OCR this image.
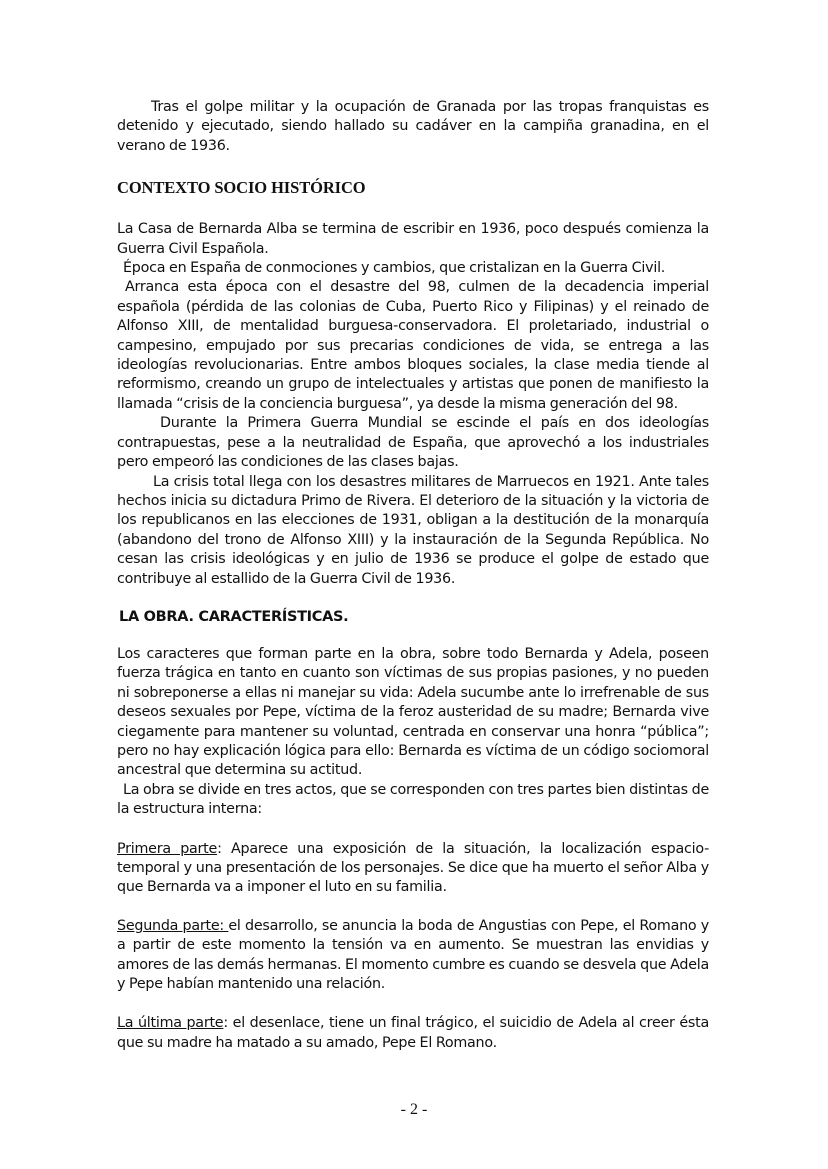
Tras el golpe militar y la ocupación de Granada por las tropas franquistas es detenido y ejecutado, siendo hallado su cadáver en la campiña granadina, en el verano de 1936.

CONTEXTO SOCIO HISTÓRICO

La Casa de Bernarda Alba se termina de escribir en 1936, poco después comienza la Guerra Civil Española.

Época en España de conmociones y cambios, que cristalizan en la Guerra Civil.

Arranca esta época con el desastre del 98, culmen de la decadencia imperial española (pérdida de las colonias de Cuba, Puerto Rico y Filipinas) y el reinado de Alfonso XIII, de mentalidad burguesa-conservadora. El proletariado, industrial o campesino, empujado por sus precarias condiciones de vida, se entrega a las ideologías revolucionarias. Entre ambos bloques sociales, la clase media tiende al reformismo, creando un grupo de intelectuales y artistas que ponen de manifiesto la llamada “crisis de la conciencia burguesa”, ya desde la misma generación del 98.

Durante la Primera Guerra Mundial se escinde el país en dos ideologías contrapuestas, pese a la neutralidad de España, que aprovechó a los industriales pero empeoró las condiciones de las clases bajas.

La crisis total llega con los desastres militares de Marruecos en 1921. Ante tales hechos inicia su dictadura Primo de Rivera. El deterioro de la situación y la victoria de los republicanos en las elecciones de 1931, obligan a la destitución de la monarquía (abandono del trono de Alfonso XIII) y la instauración de la Segunda República. No cesan las crisis ideológicas y en julio de 1936 se produce el golpe de estado que contribuye al estallido de la Guerra Civil de 1936.

LA OBRA. CARACTERÍSTICAS.

Los caracteres que forman parte en la obra, sobre todo Bernarda y Adela, poseen fuerza trágica en tanto en cuanto son víctimas de sus propias pasiones, y no pueden ni sobreponerse a ellas ni manejar su vida: Adela sucumbe ante lo irrefrenable de sus deseos sexuales por Pepe, víctima de la feroz austeridad de su madre; Bernarda vive ciegamente para mantener su voluntad, centrada en conservar una honra “pública”; pero no hay explicación lógica para ello: Bernarda es víctima de un código sociomoral ancestral que determina su actitud.

La obra se divide en tres actos, que se corresponden con tres partes bien distintas de la estructura interna:

Primera parte: Aparece una exposición de la situación, la localización espacio-temporal y una presentación de los personajes. Se dice que ha muerto el señor Alba y que Bernarda va a imponer el luto en su familia.

Segunda parte: el desarrollo, se anuncia la boda de Angustias con Pepe, el Romano y a partir de este momento la tensión va en aumento. Se muestran las envidias y amores de las demás hermanas. El momento cumbre es cuando se desvela que Adela y Pepe habían mantenido una relación.

La última parte: el desenlace, tiene un final trágico, el suicidio de Adela al creer ésta que su madre ha matado a su amado, Pepe El Romano.

- 2 -
